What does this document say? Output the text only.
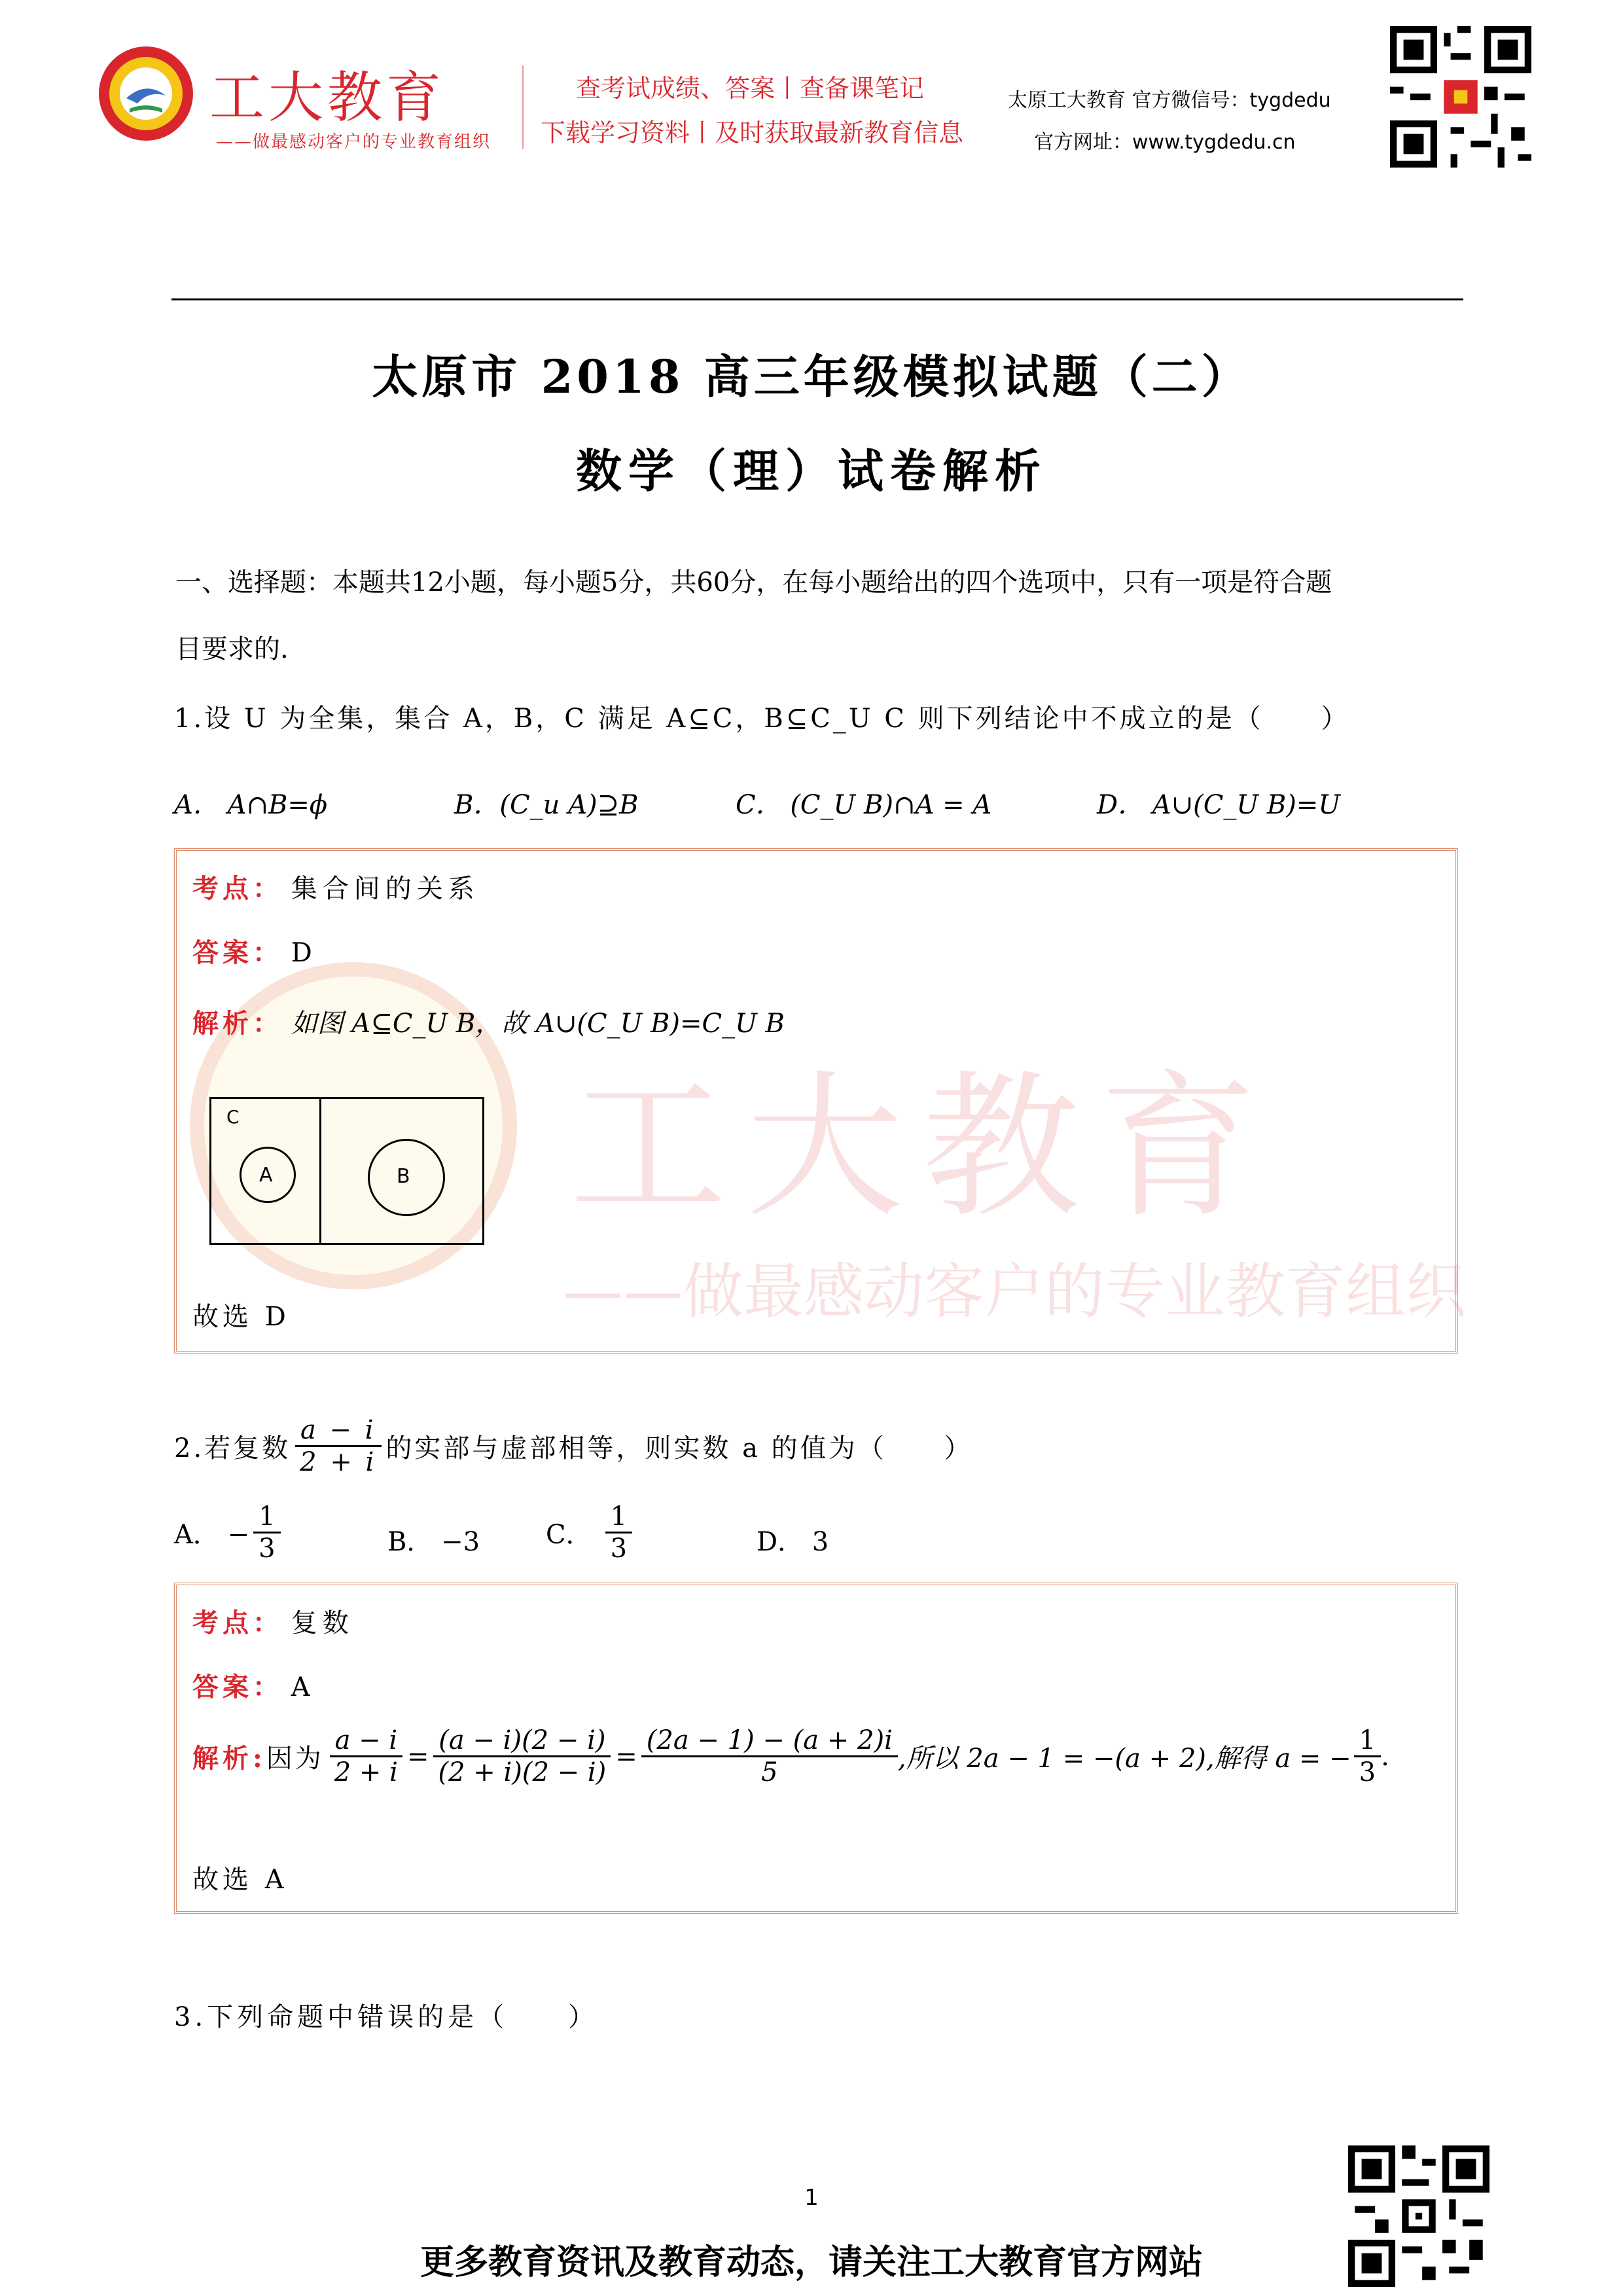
工大教育
——做最感动客户的专业教育组织
工大教育
——做最感动客户的专业教育组织
查考试成绩、答案丨查备课笔记
下载学习资料丨及时获取最新教育信息
太原工大教育 官方微信号：tygdedu
官方网址：www.tygdedu.cn
太原市 2018 高三年级模拟试题（二）
数学（理）试卷解析
一、选择题：本题共12小题，每小题5分，共60分，在每小题给出的四个选项中，只有一项是符合题
目要求的.
1.设 U 为全集，集合 A，B，C 满足 A⊆C，B⊆C_U C 则下列结论中不成立的是（　　）
A． A∩B=ϕ	B．(C_u A)⊇B	C． (C_U B)∩A = A	D． A∪(C_U B)=U
考点： 集合间的关系
答案： D
解析： 如图 A⊆C_U B，故 A∪(C_U B)=C_U B
C
A	B
故选 D
2.若复数 $\frac{a - i}{2 + i}$ 的实部与虚部相等，则实数 a 的值为（　　）
A． − $\frac{1}{3}$	B． −3	C． $\frac{1}{3}$	D． 3
考点： 复数
答案： A
解析: 因为 $\frac{a - i}{2 + i} = \frac{(a - i)(2 - i)}{(2 + i)(2 - i)} = \frac{(2a - 1) - (a + 2)i}{5}$ ,所以 2a − 1 = −(a + 2),解得 a = − $\frac{1}{3}$ .
故选 A
3.下列命题中错误的是（　　）
1
更多教育资讯及教育动态，请关注工大教育官方网站
